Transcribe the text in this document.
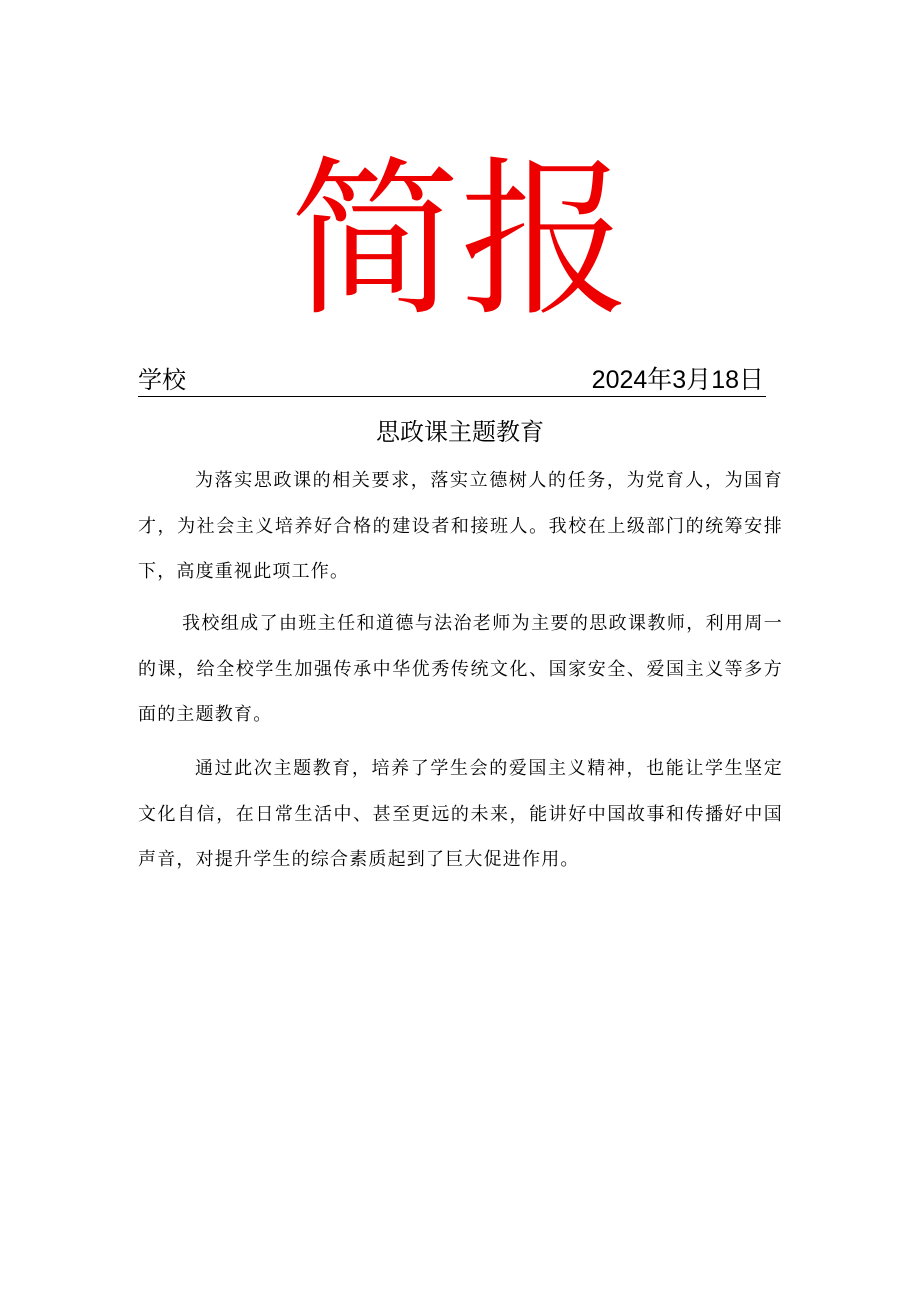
简报
学校	2024年3月18日
思政课主题教育

为落实思政课的相关要求，落实立德树人的任务，为党育人，为国育才，为社会主义培养好合格的建设者和接班人。我校在上级部门的统筹安排下，高度重视此项工作。

我校组成了由班主任和道德与法治老师为主要的思政课教师，利用周一的课，给全校学生加强传承中华优秀传统文化、国家安全、爱国主义等多方面的主题教育。

通过此次主题教育，培养了学生会的爱国主义精神，也能让学生坚定文化自信，在日常生活中、甚至更远的未来，能讲好中国故事和传播好中国声音，对提升学生的综合素质起到了巨大促进作用。
